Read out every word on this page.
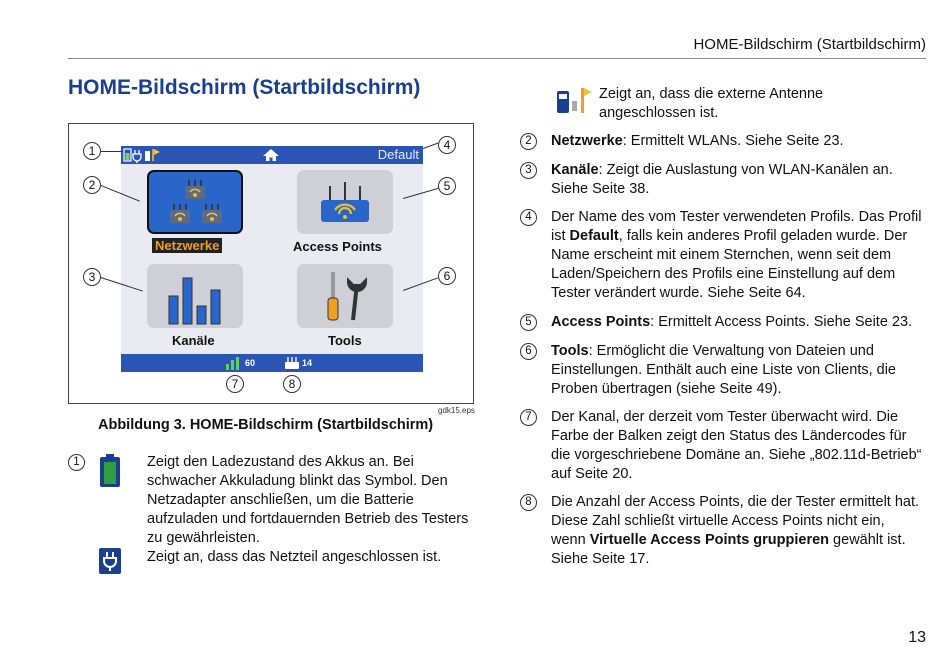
HOME-Bildschirm (Startbildschirm)
HOME-Bildschirm (Startbildschirm)
Default
Netzwerke	Access Points
Kanäle	Tools
60	14
1
2
3
4
5
6
7	8
gdk15.eps
Abbildung 3. HOME-Bildschirm (Startbildschirm)
1	Zeigt den Ladezustand des Akkus an. Bei schwacher Akkuladung blinkt das Symbol. Den Netzadapter anschließen, um die Batterie aufzuladen und fortdauernden Betrieb des Testers zu gewährleisten.
Zeigt an, dass das Netzteil angeschlossen ist.
Zeigt an, dass die externe Antenne angeschlossen ist.
2	Netzwerke: Ermittelt WLANs. Siehe Seite 23.
3	Kanäle: Zeigt die Auslastung von WLAN-Kanälen an. Siehe Seite 38.
4	Der Name des vom Tester verwendeten Profils. Das Profil ist Default, falls kein anderes Profil geladen wurde. Der Name erscheint mit einem Sternchen, wenn seit dem Laden/Speichern des Profils eine Einstellung auf dem Tester verändert wurde. Siehe Seite 64.
5	Access Points: Ermittelt Access Points. Siehe Seite 23.
6	Tools: Ermöglicht die Verwaltung von Dateien und Einstellungen. Enthält auch eine Liste von Clients, die Proben übertragen (siehe Seite 49).
7	Der Kanal, der derzeit vom Tester überwacht wird. Die Farbe der Balken zeigt den Status des Ländercodes für die vorgeschriebene Domäne an. Siehe „802.11d-Betrieb“ auf Seite 20.
8	Die Anzahl der Access Points, die der Tester ermittelt hat. Diese Zahl schließt virtuelle Access Points nicht ein, wenn Virtuelle Access Points gruppieren gewählt ist. Siehe Seite 17.
13
